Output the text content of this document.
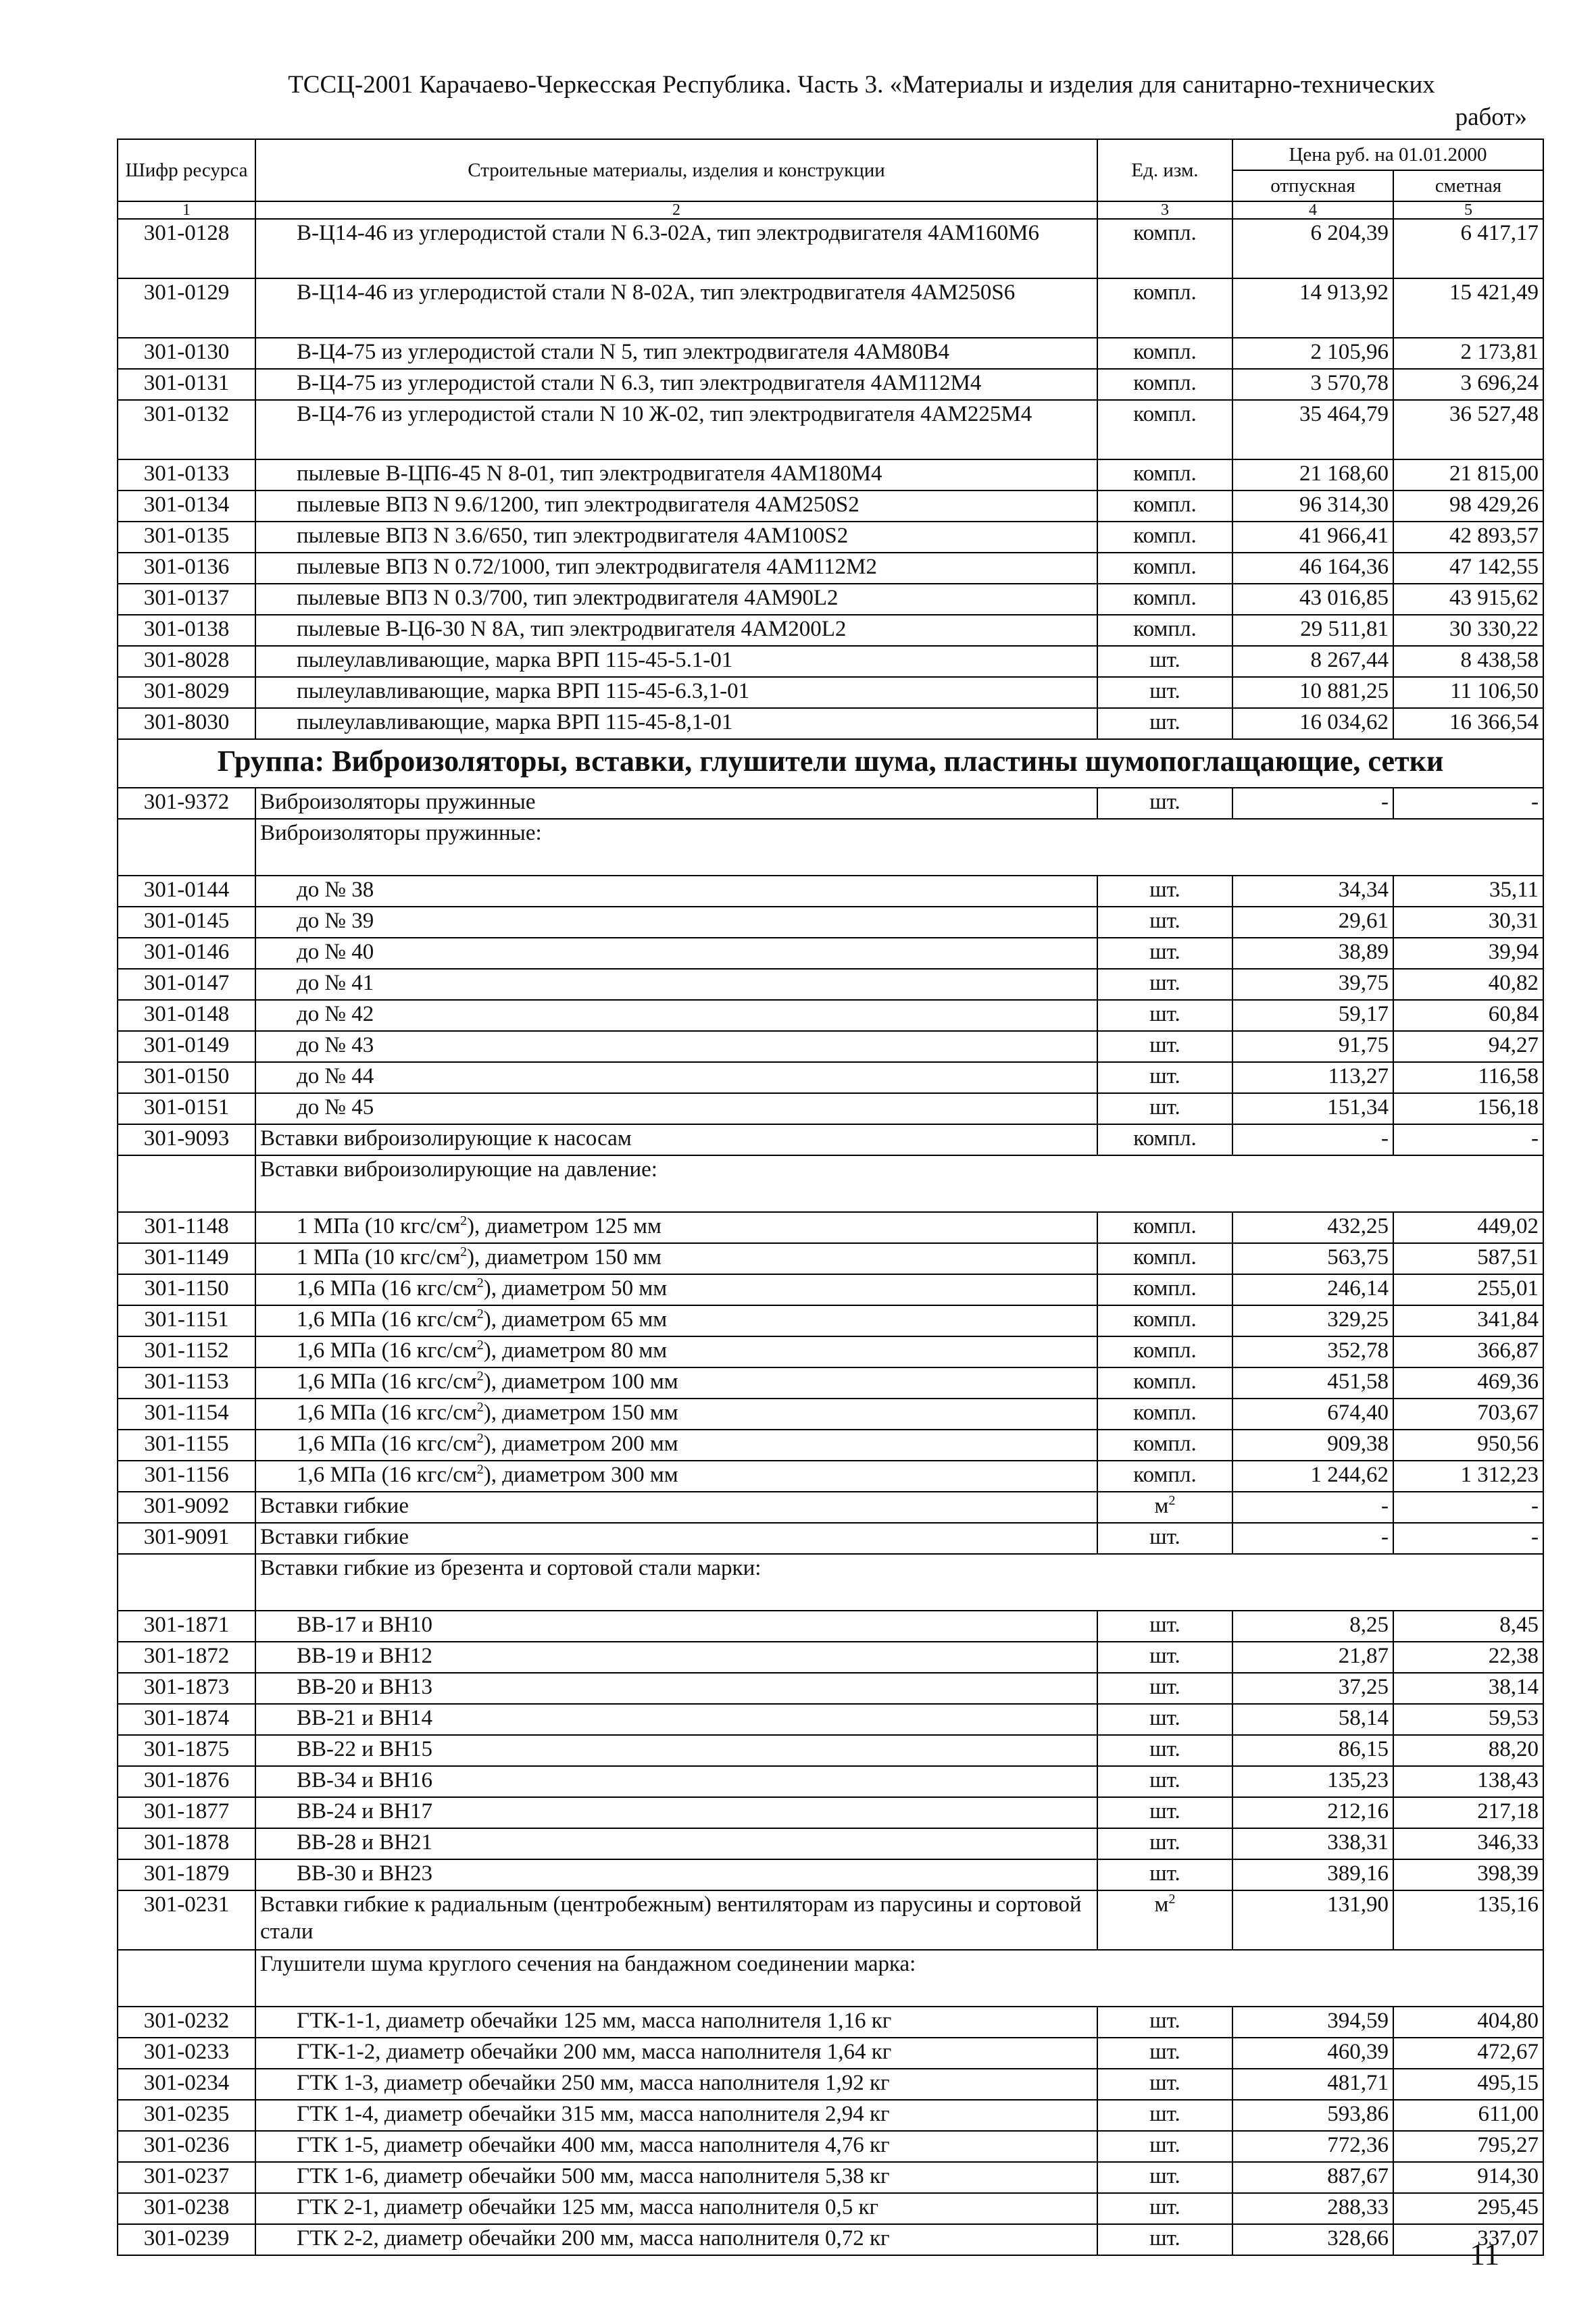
ТССЦ-2001 Карачаево-Черкесская Республика. Часть 3. «Материалы и изделия для санитарно-технических
работ»
Шифр ресурса	Строительные материалы, изделия и конструкции	Ед. изм.	Цена руб. на 01.01.2000	
			отпускная	сметная
1	2	3	4	5
301-0128	В-Ц14-46 из углеродистой стали N 6.3-02А, тип электродвигателя 4АМ160М6	компл.	6 204,39	6 417,17
301-0129	В-Ц14-46 из углеродистой стали N 8-02А, тип электродвигателя 4АМ250S6	компл.	14 913,92	15 421,49
301-0130	В-Ц4-75 из углеродистой стали N 5, тип электродвигателя 4АМ80В4	компл.	2 105,96	2 173,81
301-0131	В-Ц4-75 из углеродистой стали N 6.3, тип электродвигателя 4АМ112М4	компл.	3 570,78	3 696,24
301-0132	В-Ц4-76 из углеродистой стали N 10 Ж-02, тип электродвигателя 4АМ225М4	компл.	35 464,79	36 527,48
301-0133	пылевые В-ЦП6-45 N 8-01, тип электродвигателя 4АМ180М4	компл.	21 168,60	21 815,00
301-0134	пылевые ВПЗ N 9.6/1200, тип электродвигателя 4АМ250S2	компл.	96 314,30	98 429,26
301-0135	пылевые ВПЗ N 3.6/650, тип электродвигателя 4АМ100S2	компл.	41 966,41	42 893,57
301-0136	пылевые ВПЗ N 0.72/1000, тип электродвигателя 4АМ112М2	компл.	46 164,36	47 142,55
301-0137	пылевые ВПЗ N 0.3/700, тип электродвигателя 4АМ90L2	компл.	43 016,85	43 915,62
301-0138	пылевые В-Ц6-30 N 8А, тип электродвигателя 4АМ200L2	компл.	29 511,81	30 330,22
301-8028	пылеулавливающие, марка ВРП 115-45-5.1-01	шт.	8 267,44	8 438,58
301-8029	пылеулавливающие, марка ВРП 115-45-6.3,1-01	шт.	10 881,25	11 106,50
301-8030	пылеулавливающие, марка ВРП 115-45-8,1-01	шт.	16 034,62	16 366,54
Группа: Виброизоляторы, вставки, глушители шума, пластины шумопоглащающие, сетки				
301-9372	Виброизоляторы пружинные	шт.	-	-
	Виброизоляторы пружинные:			
301-0144	до № 38	шт.	34,34	35,11
301-0145	до № 39	шт.	29,61	30,31
301-0146	до № 40	шт.	38,89	39,94
301-0147	до № 41	шт.	39,75	40,82
301-0148	до № 42	шт.	59,17	60,84
301-0149	до № 43	шт.	91,75	94,27
301-0150	до № 44	шт.	113,27	116,58
301-0151	до № 45	шт.	151,34	156,18
301-9093	Вставки виброизолирующие к насосам	компл.	-	-
	Вставки виброизолирующие на давление:			
301-1148	1 МПа (10 кгс/$см^2$), диаметром 125 мм	компл.	432,25	449,02
301-1149	1 МПа (10 кгс/$см^2$), диаметром 150 мм	компл.	563,75	587,51
301-1150	1,6 МПа (16 кгс/$см^2$), диаметром 50 мм	компл.	246,14	255,01
301-1151	1,6 МПа (16 кгс/$см^2$), диаметром 65 мм	компл.	329,25	341,84
301-1152	1,6 МПа (16 кгс/$см^2$), диаметром 80 мм	компл.	352,78	366,87
301-1153	1,6 МПа (16 кгс/$см^2$), диаметром 100 мм	компл.	451,58	469,36
301-1154	1,6 МПа (16 кгс/$см^2$), диаметром 150 мм	компл.	674,40	703,67
301-1155	1,6 МПа (16 кгс/$см^2$), диаметром 200 мм	компл.	909,38	950,56
301-1156	1,6 МПа (16 кгс/$см^2$), диаметром 300 мм	компл.	1 244,62	1 312,23
301-9092	Вставки гибкие	$м^2$	-	-
301-9091	Вставки гибкие	шт.	-	-
	Вставки гибкие из брезента и сортовой стали марки:			
301-1871	ВВ-17 и ВН10	шт.	8,25	8,45
301-1872	ВВ-19 и ВН12	шт.	21,87	22,38
301-1873	ВВ-20 и ВН13	шт.	37,25	38,14
301-1874	ВВ-21 и ВН14	шт.	58,14	59,53
301-1875	ВВ-22 и ВН15	шт.	86,15	88,20
301-1876	ВВ-34 и ВН16	шт.	135,23	138,43
301-1877	ВВ-24 и ВН17	шт.	212,16	217,18
301-1878	ВВ-28 и ВН21	шт.	338,31	346,33
301-1879	ВВ-30 и ВН23	шт.	389,16	398,39
301-0231	Вставки гибкие к радиальным (центробежным) вентиляторам из парусины и сортовой стали	$м^2$	131,90	135,16
	Глушители шума круглого сечения на бандажном соединении марка:			
301-0232	ГТК-1-1, диаметр обечайки 125 мм, масса наполнителя 1,16 кг	шт.	394,59	404,80
301-0233	ГТК-1-2, диаметр обечайки 200 мм, масса наполнителя 1,64 кг	шт.	460,39	472,67
301-0234	ГТК 1-3, диаметр обечайки 250 мм, масса наполнителя 1,92 кг	шт.	481,71	495,15
301-0235	ГТК 1-4, диаметр обечайки 315 мм, масса наполнителя 2,94 кг	шт.	593,86	611,00
301-0236	ГТК 1-5, диаметр обечайки 400 мм, масса наполнителя 4,76 кг	шт.	772,36	795,27
301-0237	ГТК 1-6, диаметр обечайки 500 мм, масса наполнителя 5,38 кг	шт.	887,67	914,30
301-0238	ГТК 2-1, диаметр обечайки 125 мм, масса наполнителя 0,5 кг	шт.	288,33	295,45
301-0239	ГТК 2-2, диаметр обечайки 200 мм, масса наполнителя 0,72 кг	шт.	328,66	337,07
11
